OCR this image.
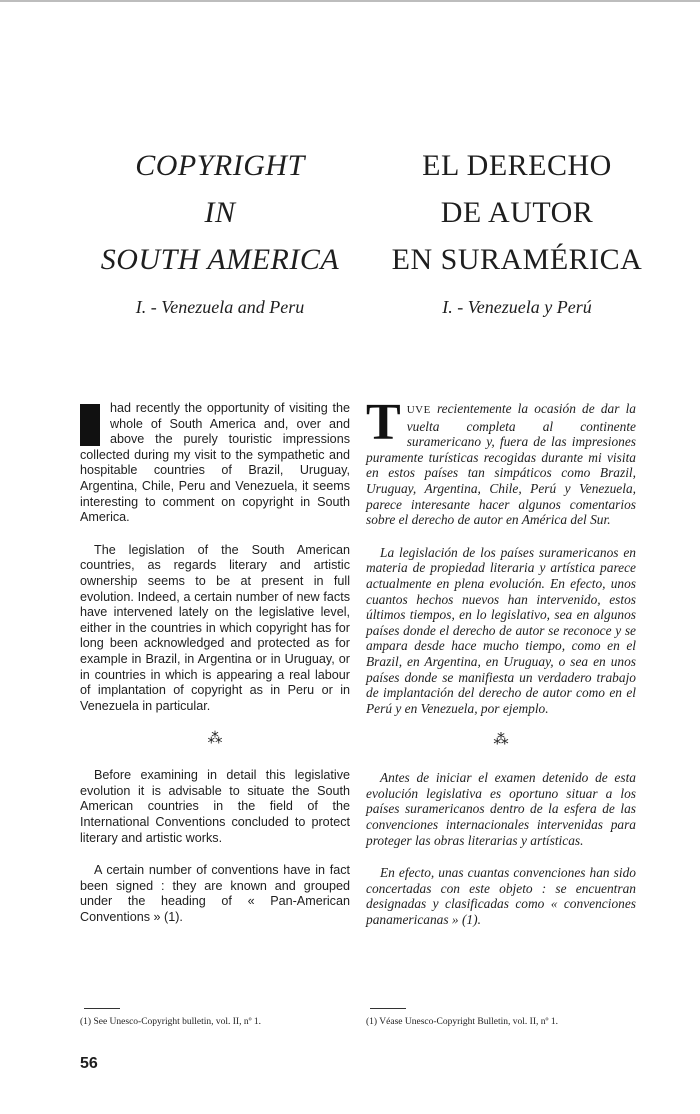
COPYRIGHT
IN
SOUTH AMERICA
I. - Venezuela and Peru
EL DERECHO
DE AUTOR
EN SURAMÉRICA
I. - Venezuela y Perú

had recently the opportunity of visiting the whole of South America and, over and above the purely touristic impressions collected during my visit to the sympathetic and hospitable countries of Brazil, Uruguay, Argentina, Chile, Peru and Venezuela, it seems interesting to comment on copyright in South America.

The legislation of the South American countries, as regards literary and artistic ownership seems to be at present in full evolution. Indeed, a certain number of new facts have intervened lately on the legislative level, either in the countries in which copyright has for long been acknowledged and protected as for example in Brazil, in Argentina or in Uruguay, or in countries in which is appearing a real labour of implantation of copyright as in Peru or in Venezuela in particular.

⁂

Before examining in detail this legislative evolution it is advisable to situate the South American countries in the field of the International Conventions concluded to protect literary and artistic works.

A certain number of conventions have in fact been signed : they are known and grouped under the heading of « Pan-American Conventions » (1).

T UVE recientemente la ocasión de dar la vuelta completa al continente suramericano y, fuera de las impresiones puramente turísticas recogidas durante mi visita en estos países tan simpáticos como Brazil, Uruguay, Argentina, Chile, Perú y Venezuela, parece interesante hacer algunos comentarios sobre el derecho de autor en América del Sur.

La legislación de los países suramericanos en materia de propiedad literaria y artística parece actualmente en plena evolución. En efecto, unos cuantos hechos nuevos han intervenido, estos últimos tiempos, en lo legislativo, sea en algunos países donde el derecho de autor se reconoce y se ampara desde hace mucho tiempo, como en el Brazil, en Argentina, en Uruguay, o sea en unos países donde se manifiesta un verdadero trabajo de implantación del derecho de autor como en el Perú y en Venezuela, por ejemplo.

⁂

Antes de iniciar el examen detenido de esta evolución legislativa es oportuno situar a los países suramericanos dentro de la esfera de las convenciones internacionales intervenidas para proteger las obras literarias y artísticas.

En efecto, unas cuantas convenciones han sido concertadas con este objeto : se encuentran designadas y clasificadas como « convenciones panamericanas » (1).

(1) See Unesco-Copyright bulletin, vol. II, nº 1.	(1) Véase Unesco-Copyright Bulletin, vol. II, nº 1.
56
